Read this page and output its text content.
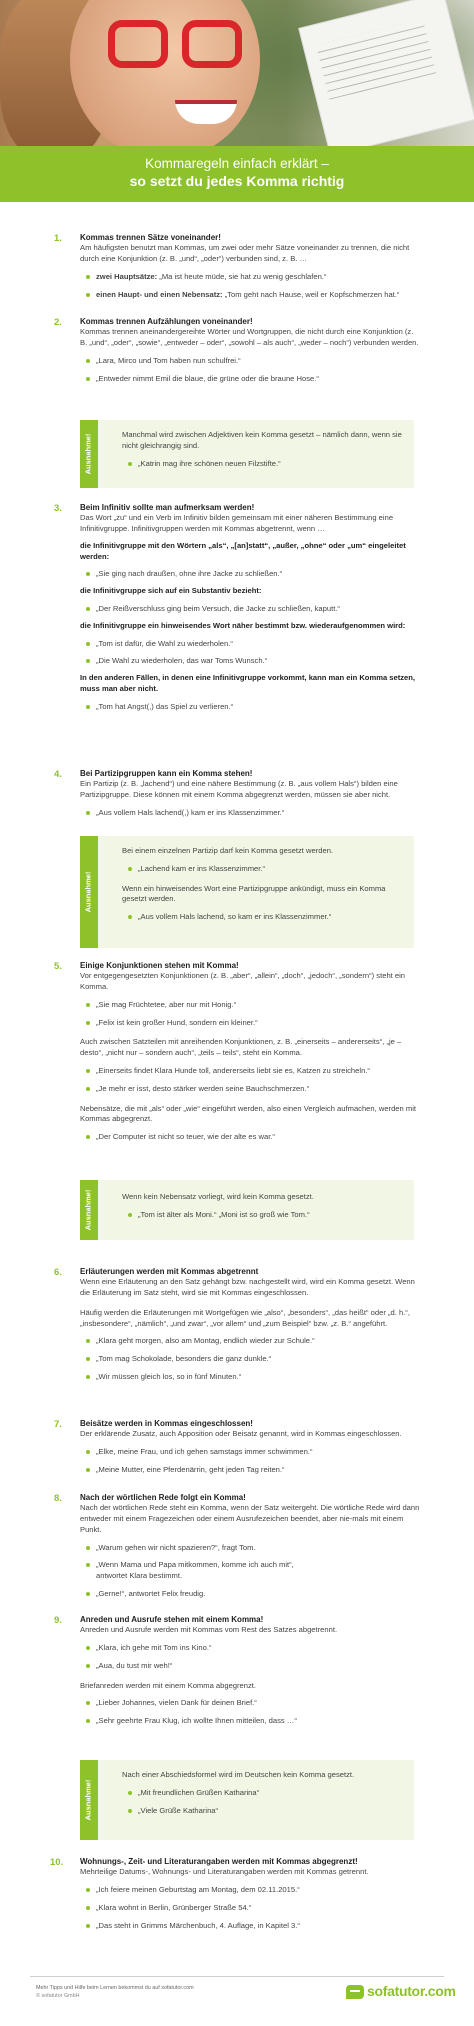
Kommaregeln einfach erklärt –
so setzt du jedes Komma richtig
1.	Kommas trennen Sätze voneinander!
Am häufigsten benutzt man Kommas, um zwei oder mehr Sätze voneinander zu trennen, die nicht durch eine Konjunktion (z. B. „und“, „oder“) verbunden sind, z. B. …
zwei Hauptsätze: „Ma ist heute müde, sie hat zu wenig geschlafen.“
einen Haupt- und einen Nebensatz: „Tom geht nach Hause, weil er Kopfschmerzen hat.“
2.	Kommas trennen Aufzählungen voneinander!
Kommas trennen aneinandergereihte Wörter und Wortgruppen, die nicht durch eine Konjunktion (z. B. „und“, „oder“, „sowie“, „entweder – oder“, „sowohl – als auch“, „weder – noch“) verbunden werden.
„Lara, Mirco und Tom haben nun schulfrei.“
„Entweder nimmt Emil die blaue, die grüne oder die braune Hose.“
Ausnahme!	Manchmal wird zwischen Adjektiven kein Komma gesetzt – nämlich dann, wenn sie nicht gleichrangig sind.
„Katrin mag ihre schönen neuen Filzstifte.“
3.	Beim Infinitiv sollte man aufmerksam werden!
Das Wort „zu“ und ein Verb im Infinitiv bilden gemeinsam mit einer näheren Bestimmung eine Infinitivgruppe. Infinitivgruppen werden mit Kommas abgetrennt, wenn …
die Infinitivgruppe mit den Wörtern „als“, „[an]statt“, „außer, „ohne“ oder „um“ eingeleitet werden:
„Sie ging nach draußen, ohne ihre Jacke zu schließen.“
die Infinitivgruppe sich auf ein Substantiv bezieht:
„Der Reißverschluss ging beim Versuch, die Jacke zu schließen, kaputt.“
die Infinitivgruppe ein hinweisendes Wort näher bestimmt bzw. wiederaufgenommen wird:
„Tom ist dafür, die Wahl zu wiederholen.“
„Die Wahl zu wiederholen, das war Toms Wunsch.“
In den anderen Fällen, in denen eine Infinitivgruppe vorkommt, kann man ein Komma setzen, muss man aber nicht.
„Tom hat Angst(,) das Spiel zu verlieren.“
4.	Bei Partizipgruppen kann ein Komma stehen!
Ein Partizip (z. B. „lachend“) und eine nähere Bestimmung (z. B. „aus vollem Hals“) bilden eine Partizipgruppe. Diese können mit einem Komma abgegrenzt werden, müssen sie aber nicht.
„Aus vollem Hals lachend(,) kam er ins Klassenzimmer.“
Ausnahme!
Bei einem einzelnen Partizip darf kein Komma gesetzt werden.
„Lachend kam er ins Klassenzimmer.“
Wenn ein hinweisendes Wort eine Partizipgruppe ankündigt, muss ein Komma gesetzt werden.
„Aus vollem Hals lachend, so kam er ins Klassenzimmer.“
5.	Einige Konjunktionen stehen mit Komma!
Vor entgegengesetzten Konjunktionen (z. B. „aber“, „allein“, „doch“, „jedoch“, „sondern“) steht ein Komma.
„Sie mag Früchtetee, aber nur mit Honig.“
„Felix ist kein großer Hund, sondern ein kleiner.“
Auch zwischen Satzteilen mit anreihenden Konjunktionen, z. B. „einerseits – andererseits“, „je – desto“, „nicht nur – sondern auch“, „teils – teils“, steht ein Komma.
„Einerseits findet Klara Hunde toll, andererseits liebt sie es, Katzen zu streicheln.“
„Je mehr er isst, desto stärker werden seine Bauchschmerzen.“
Nebensätze, die mit „als“ oder „wie“ eingeführt werden, also einen Vergleich aufmachen, werden mit Kommas abgegrenzt.
„Der Computer ist nicht so teuer, wie der alte es war.“
Ausnahme!	Wenn kein Nebensatz vorliegt, wird kein Komma gesetzt.
„Tom ist älter als Moni.“ „Moni ist so groß wie Tom.“
6.	Erläuterungen werden mit Kommas abgetrennt
Wenn eine Erläuterung an den Satz gehängt bzw. nachgestellt wird, wird ein Komma gesetzt. Wenn die Erläuterung im Satz steht, wird sie mit Kommas eingeschlossen.
Häufig werden die Erläuterungen mit Wortgefügen wie „also“, „besonders“, „das heißt“ oder „d. h.“, „insbesondere“, „nämlich“, „und zwar“, „vor allem“ und „zum Beispiel“ bzw. „z. B.“ angeführt.
„Klara geht morgen, also am Montag, endlich wieder zur Schule.“
„Tom mag Schokolade, besonders die ganz dunkle.“
„Wir müssen gleich los, so in fünf Minuten.“
7.	Beisätze werden in Kommas eingeschlossen!
Der erklärende Zusatz, auch Apposition oder Beisatz genannt, wird in Kommas eingeschlossen.
„Elke, meine Frau, und ich gehen samstags immer schwimmen.“
„Meine Mutter, eine Pferdenärrin, geht jeden Tag reiten.“
8.	Nach der wörtlichen Rede folgt ein Komma!
Nach der wörtlichen Rede steht ein Komma, wenn der Satz weitergeht. Die wörtliche Rede wird dann entweder mit einem Fragezeichen oder einem Ausrufezeichen beendet, aber nie-mals mit einem Punkt.
„Warum gehen wir nicht spazieren?“, fragt Tom.
„Wenn Mama und Papa mitkommen, komme ich auch mit“,
antwortet Klara bestimmt.
„Gerne!“, antwortet Felix freudig.
9.	Anreden und Ausrufe stehen mit einem Komma!
Anreden und Ausrufe werden mit Kommas vom Rest des Satzes abgetrennt.
„Klara, ich gehe mit Tom ins Kino.“
„Aua, du tust mir weh!“
Briefanreden werden mit einem Komma abgegrenzt.
„Lieber Johannes, vielen Dank für deinen Brief.“
„Sehr geehrte Frau Klug, ich wollte Ihnen mitteilen, dass …“
Ausnahme!
Nach einer Abschiedsformel wird im Deutschen kein Komma gesetzt.
„Mit freundlichen Grüßen Katharina“
„Viele Grüße Katharina“
10.	Wohnungs-, Zeit- und Literaturangaben werden mit Kommas abgegrenzt!
Mehrteilige Datums-, Wohnungs- und Literaturangaben werden mit Kommas getrennt.
„Ich feiere meinen Geburtstag am Montag, dem 02.11.2015.“
„Klara wohnt in Berlin, Grünberger Straße 54.“
„Das steht in Grimms Märchenbuch, 4. Auflage, in Kapitel 3.“
Mehr Tipps und Hilfe beim Lernen bekommst du auf sofatutor.com
© sofatutor GmbH	sofatutor.com
